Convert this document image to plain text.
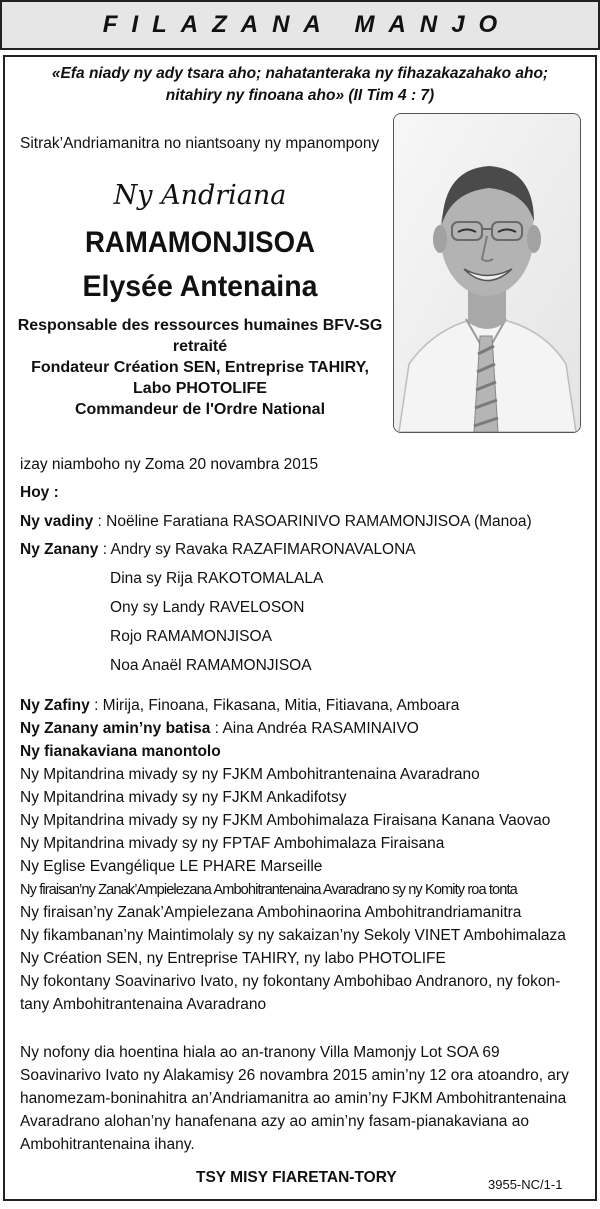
FILAZANA MANJO
«Efa niady ny ady tsara aho; nahatanteraka ny fihazakazahako aho;
nitahiry ny finoana aho» (II Tim 4 : 7)
Sitrak’Andriamanitra no niantsoany ny mpanompony
Ny Andriana
RAMAMONJISOA
Elysée Antenaina
Responsable des ressources humaines BFV-SG
retraité
Fondateur Création SEN, Entreprise TAHIRY,
Labo PHOTOLIFE
Commandeur de l'Ordre National
izay niamboho ny Zoma 20 novambra 2015
Hoy :
Ny vadiny : Noëline Faratiana RASOARINIVO RAMAMONJISOA (Manoa)
Ny Zanany : Andry sy Ravaka RAZAFIMARONAVALONA
Dina sy Rija RAKOTOMALALA
Ony sy Landy RAVELOSON
Rojo RAMAMONJISOA
Noa Anaël RAMAMONJISOA
Ny Zafiny : Mirija, Finoana, Fikasana, Mitia, Fitiavana, Amboara
Ny Zanany amin’ny batisa : Aina Andréa RASAMINAIVO
Ny fianakaviana manontolo
Ny Mpitandrina mivady sy ny FJKM Ambohitrantenaina Avaradrano
Ny Mpitandrina mivady sy ny FJKM Ankadifotsy
Ny Mpitandrina mivady sy ny FJKM Ambohimalaza Firaisana Kanana Vaovao
Ny Mpitandrina mivady sy ny FPTAF Ambohimalaza Firaisana
Ny Eglise Evangélique LE PHARE Marseille
Ny firaisan’ny Zanak’Ampielezana Ambohitrantenaina Avaradrano sy ny Komity roa tonta
Ny firaisan’ny Zanak’Ampielezana Ambohinaorina Ambohitrandriamanitra
Ny fikambanan’ny Maintimolaly sy ny sakaizan’ny Sekoly VINET Ambohimalaza
Ny Création SEN, ny Entreprise TAHIRY, ny labo PHOTOLIFE
Ny fokontany Soavinarivo Ivato, ny fokontany Ambohibao Andranoro, ny fokon-
tany Ambohitrantenaina Avaradrano
Ny nofony dia hoentina hiala ao an-tranony Villa Mamonjy Lot SOA 69
Soavinarivo Ivato ny Alakamisy 26 novambra 2015 amin’ny 12 ora atoandro, ary
hanomezam-boninahitra an’Andriamanitra ao amin’ny FJKM Ambohitrantenaina
Avaradrano alohan’ny hanafenana azy ao amin’ny fasam-pianakaviana ao
Ambohitrantenaina ihany.
TSY MISY FIARETAN-TORY	3955-NC/1-1
